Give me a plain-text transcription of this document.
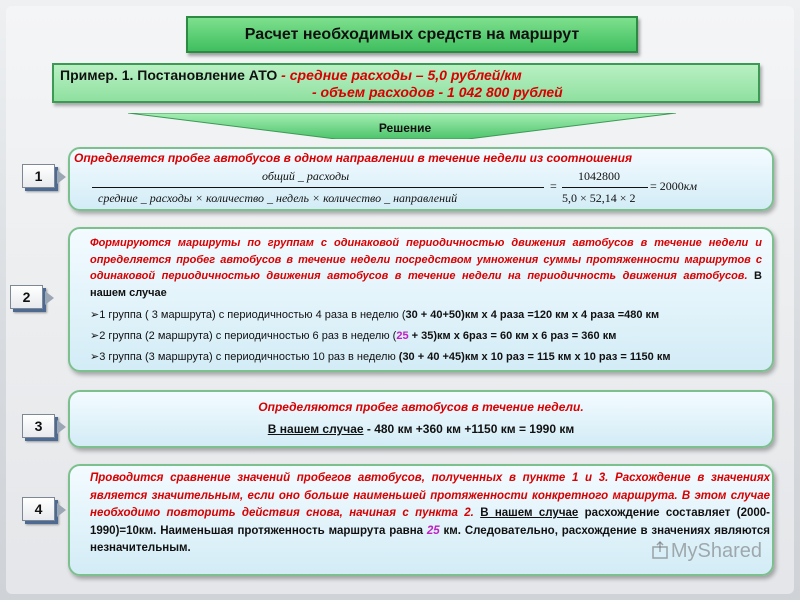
Расчет необходимых средств на маршрут
Пример. 1. Постановление АТО - средние расходы – 5,0 рублей/км
- объем расходов - 1 042 800 рублей
Решение
1
2
3
4
Определяется пробег автобусов в одном направлении в течение недели из соотношения
общий _ расходы
средние _ расходы × количество _ недель × количество _ направлений
=
1042800
5,0 × 52,14 × 2
= 2000км
Формируются маршруты по группам с одинаковой периодичностью движения автобусов в течение недели и определяется пробег автобусов в течение недели посредством умножения суммы протяженности маршрутов с одинаковой периодичностью движения автобусов в течение недели на периодичность движения автобусов. В нашем случае
➢1 группа ( 3 маршрута) с периодичностью 4 раза в неделю (30 + 40+50)км х 4 раза =120 км х 4 раза =480 км
➢2 группа (2 маршрута) с периодичностью 6 раз в неделю (25 + 35)км х 6раз = 60 км х 6 раз = 360 км
➢3 группа (3 маршрута) с периодичностью 10 раз в неделю (30 + 40 +45)км х 10 раз = 115 км х 10 раз = 1150 км
Определяются пробег автобусов в течение недели.
В нашем случае - 480 км +360 км +1150 км = 1990 км
Проводится сравнение значений пробегов автобусов, полученных в пункте 1 и 3. Расхождение в значениях является значительным, если оно больше наименьшей протяженности конкретного маршрута. В этом случае необходимо повторить действия снова, начиная с пункта 2. В нашем случае расхождение составляет (2000-1990)=10км. Наименьшая протяженность маршрута равна 25 км. Следовательно, расхождение в значениях являются незначительным.	MyShared
